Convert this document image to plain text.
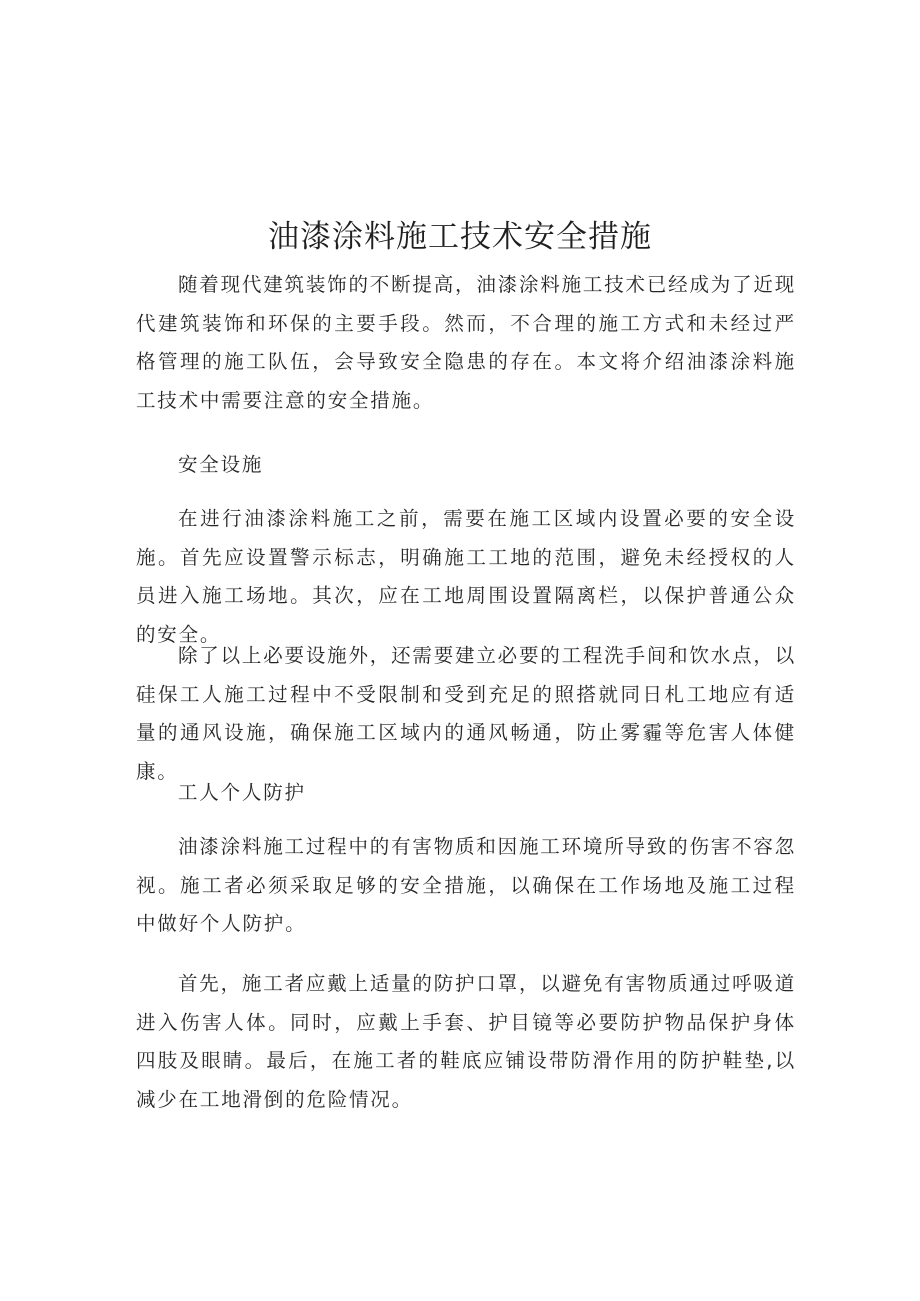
油漆涂料施工技术安全措施

随着现代建筑装饰的不断提高，油漆涂料施工技术已经成为了近现代建筑装饰和环保的主要手段。然而，不合理的施工方式和未经过严格管理的施工队伍，会导致安全隐患的存在。本文将介绍油漆涂料施工技术中需要注意的安全措施。

安全设施

在进行油漆涂料施工之前，需要在施工区域内设置必要的安全设施。首先应设置警示标志，明确施工工地的范围，避免未经授权的人员进入施工场地。其次，应在工地周围设置隔离栏，以保护普通公众的安全。

除了以上必要设施外，还需要建立必要的工程洗手间和饮水点，以硅保工人施工过程中不受限制和受到充足的照搭就同日札工地应有适量的通风设施，确保施工区域内的通风畅通，防止雾霾等危害人体健康。

工人个人防护

油漆涂料施工过程中的有害物质和因施工环境所导致的伤害不容忽视。施工者必须采取足够的安全措施，以确保在工作场地及施工过程中做好个人防护。

首先，施工者应戴上适量的防护口罩，以避免有害物质通过呼吸道进入伤害人体。同时，应戴上手套、护目镜等必要防护物品保护身体四肢及眼睛。最后，在施工者的鞋底应铺设带防滑作用的防护鞋垫,以减少在工地滑倒的危险情况。
